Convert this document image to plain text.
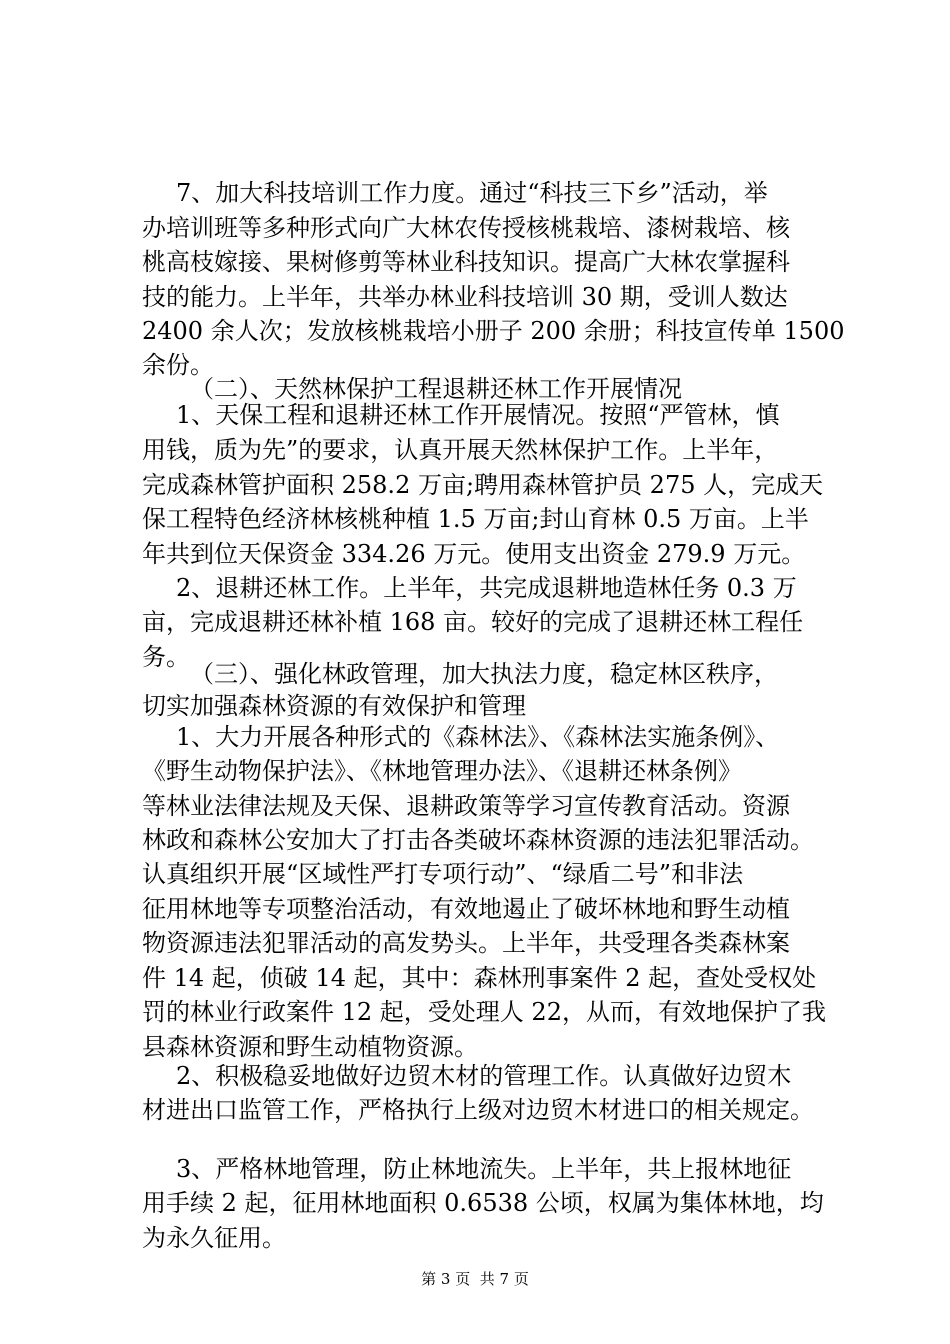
7、加大科技培训工作力度。通过“科技三下乡”活动，举
办培训班等多种形式向广大林农传授核桃栽培、漆树栽培、核
桃高枝嫁接、果树修剪等林业科技知识。提高广大林农掌握科
技的能力。上半年，共举办林业科技培训 30 期，受训人数达
2400 余人次；发放核桃栽培小册子 200 余册；科技宣传单 1500
余份。
（二）、天然林保护工程退耕还林工作开展情况
1、天保工程和退耕还林工作开展情况。按照“严管林，慎
用钱，质为先”的要求，认真开展天然林保护工作。上半年，
完成森林管护面积 258.2 万亩;聘用森林管护员 275 人，完成天
保工程特色经济林核桃种植 1.5 万亩;封山育林 0.5 万亩。上半
年共到位天保资金 334.26 万元。使用支出资金 279.9 万元。
2、退耕还林工作。上半年，共完成退耕地造林任务 0.3 万
亩，完成退耕还林补植 168 亩。较好的完成了退耕还林工程任
务。
（三）、强化林政管理，加大执法力度，稳定林区秩序，
切实加强森林资源的有效保护和管理
1、大力开展各种形式的《森林法》、《森林法实施条例》、
《野生动物保护法》、《林地管理办法》、《退耕还林条例》
等林业法律法规及天保、退耕政策等学习宣传教育活动。资源
林政和森林公安加大了打击各类破坏森林资源的违法犯罪活动。
认真组织开展“区域性严打专项行动”、“绿盾二号”和非法
征用林地等专项整治活动，有效地遏止了破坏林地和野生动植
物资源违法犯罪活动的高发势头。上半年，共受理各类森林案
件 14 起，侦破 14 起，其中：森林刑事案件 2 起，查处受权处
罚的林业行政案件 12 起，受处理人 22，从而，有效地保护了我
县森林资源和野生动植物资源。
2、积极稳妥地做好边贸木材的管理工作。认真做好边贸木
材进出口监管工作，严格执行上级对边贸木材进口的相关规定。
3、严格林地管理，防止林地流失。上半年，共上报林地征
用手续 2 起，征用林地面积 0.6538 公顷，权属为集体林地，均
为永久征用。
第 3 页  共 7 页
